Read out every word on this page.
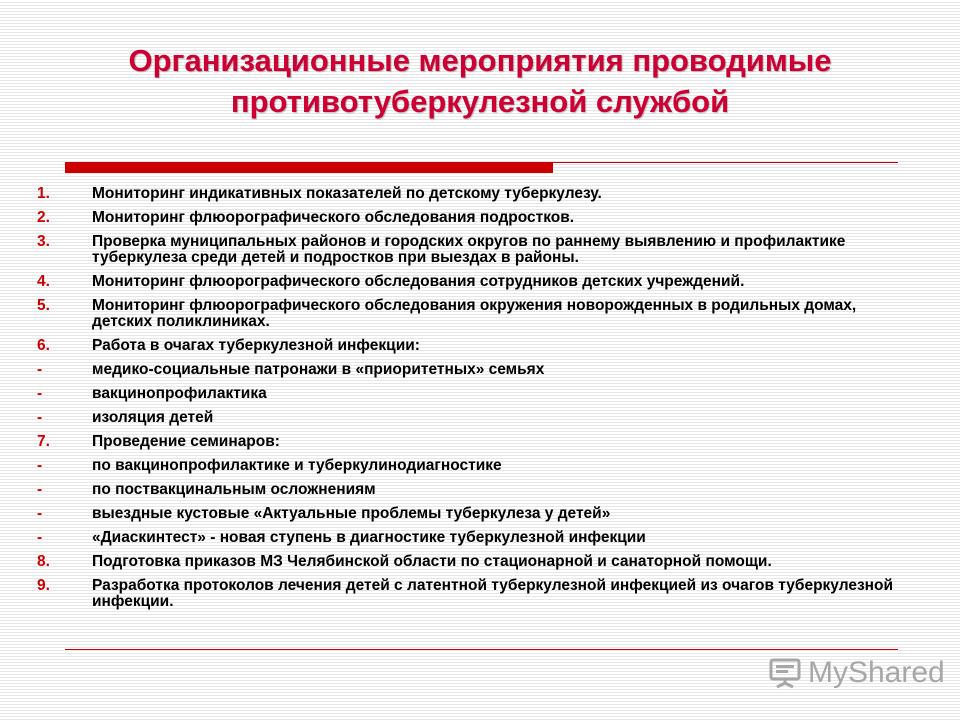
Организационные мероприятия проводимые
противотуберкулезной службой
1.	Мониторинг индикативных показателей по детскому туберкулезу.
2.	Мониторинг флюорографического обследования подростков.
3.	Проверка муниципальных районов и городских округов по раннему выявлению и профилактике туберкулеза среди детей и подростков при выездах в районы.
4.	Мониторинг флюорографического обследования сотрудников детских учреждений.
5.	Мониторинг флюорографического обследования окружения новорожденных в родильных домах, детских поликлиниках.
6.	Работа в очагах туберкулезной инфекции:
-	медико-социальные патронажи в «приоритетных» семьях
-	вакцинопрофилактика
-	изоляция детей
7.	Проведение семинаров:
-	по вакцинопрофилактике и туберкулинодиагностике
-	по поствакцинальным осложнениям
-	выездные кустовые «Актуальные проблемы туберкулеза у детей»
-	«Диаскинтест» - новая ступень в диагностике туберкулезной инфекции
8.	Подготовка приказов МЗ Челябинской области по стационарной и санаторной помощи.
9.	Разработка протоколов лечения детей с латентной туберкулезной инфекцией из очагов туберкулезной инфекции.
MyShared
